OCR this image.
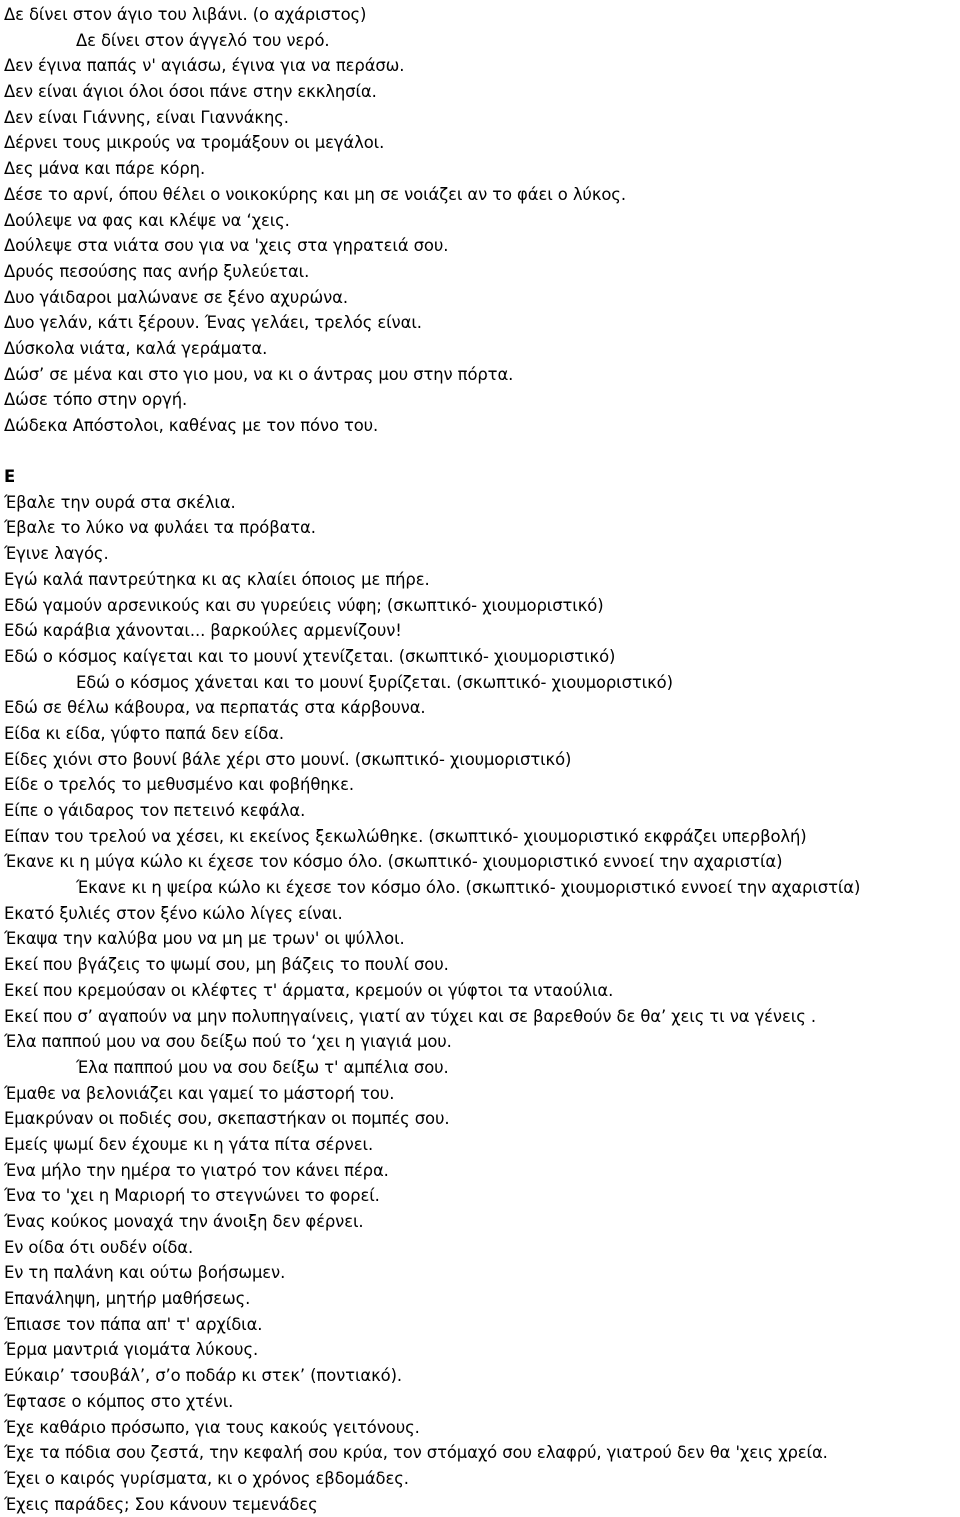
Δε δίνει στον άγιο του λιβάνι. (ο αχάριστος)
Δε δίνει στον άγγελό του νερό.
Δεν έγινα παπάς ν' αγιάσω, έγινα για να περάσω.
Δεν είναι άγιοι όλοι όσοι πάνε στην εκκλησία.
Δεν είναι Γιάννης, είναι Γιαννάκης.
Δέρνει τους μικρούς να τρομάξουν οι μεγάλοι.
Δες μάνα και πάρε κόρη.
Δέσε το αρνί, όπου θέλει ο νοικοκύρης και μη σε νοιάζει αν το φάει ο λύκος.
Δούλεψε να φας και κλέψε να ‘χεις.
Δούλεψε στα νιάτα σου για να 'χεις στα γηρατειά σου.
Δρυός πεσούσης πας ανήρ ξυλεύεται.
Δυο γάιδαροι μαλώνανε σε ξένο αχυρώνα.
Δυο γελάν, κάτι ξέρουν. Ένας γελάει, τρελός είναι.
Δύσκολα νιάτα, καλά γεράματα.
Δώσ’ σε μένα και στο γιο μου, να κι ο άντρας μου στην πόρτα.
Δώσε τόπο στην οργή.
Δώδεκα Απόστολοι, καθένας με τον πόνο του.
Ε
Έβαλε την ουρά στα σκέλια.
Έβαλε το λύκο να φυλάει τα πρόβατα.
Έγινε λαγός.
Εγώ καλά παντρεύτηκα κι ας κλαίει όποιος με πήρε.
Εδώ γαμούν αρσενικούς και συ γυρεύεις νύφη; (σκωπτικό- χιουμοριστικό)
Εδώ καράβια χάνονται... βαρκούλες αρμενίζουν!
Εδώ ο κόσμος καίγεται και το μουνί χτενίζεται. (σκωπτικό- χιουμοριστικό)
Εδώ ο κόσμος χάνεται και το μουνί ξυρίζεται. (σκωπτικό- χιουμοριστικό)
Εδώ σε θέλω κάβουρα, να περπατάς στα κάρβουνα.
Είδα κι είδα, γύφτο παπά δεν είδα.
Είδες χιόνι στο βουνί βάλε χέρι στο μουνί. (σκωπτικό- χιουμοριστικό)
Είδε ο τρελός το μεθυσμένο και φοβήθηκε.
Είπε ο γάιδαρος τον πετεινό κεφάλα.
Είπαν του τρελού να χέσει, κι εκείνος ξεκωλώθηκε. (σκωπτικό- χιουμοριστικό εκφράζει υπερβολή)
Έκανε κι η μύγα κώλο κι έχεσε τον κόσμο όλο. (σκωπτικό- χιουμοριστικό εννοεί την αχαριστία)
Έκανε κι η ψείρα κώλο κι έχεσε τον κόσμο όλο. (σκωπτικό- χιουμοριστικό εννοεί την αχαριστία)
Εκατό ξυλιές στον ξένο κώλο λίγες είναι.
Έκαψα την καλύβα μου να μη με τρων' οι ψύλλοι.
Εκεί που βγάζεις το ψωμί σου, μη βάζεις το πουλί σου.
Εκεί που κρεμούσαν οι κλέφτες τ' άρματα, κρεμούν οι γύφτοι τα νταούλια.
Εκεί που σ’ αγαπούν να μην πολυπηγαίνεις, γιατί αν τύχει και σε βαρεθούν δε θα’ χεις τι να γένεις .
Έλα παππού μου να σου δείξω πού το ‘χει η γιαγιά μου.
Έλα παππού μου να σου δείξω τ' αμπέλια σου.
Έμαθε να βελονιάζει και γαμεί το μάστορή του.
Εμακρύναν οι ποδιές σου, σκεπαστήκαν οι πομπές σου.
Εμείς ψωμί δεν έχουμε κι η γάτα πίτα σέρνει.
Ένα μήλο την ημέρα το γιατρό τον κάνει πέρα.
Ένα το 'χει η Μαριορή το στεγνώνει το φορεί.
Ένας κούκος μοναχά την άνοιξη δεν φέρνει.
Εν οίδα ότι ουδέν οίδα.
Εν τη παλάνη και ούτω βοήσωμεν.
Επανάληψη, μητήρ μαθήσεως.
Έπιασε τον πάπα απ' τ' αρχίδια.
Έρμα μαντριά γιομάτα λύκους.
Εύκαιρ’ τσουβάλ’, σ’ο ποδάρ κι στεκ’ (ποντιακό).
Έφτασε ο κόμπος στο χτένι.
Έχε καθάριο πρόσωπο, για τους κακούς γειτόνους.
Έχε τα πόδια σου ζεστά, την κεφαλή σου κρύα, τον στόμαχό σου ελαφρύ, γιατρού δεν θα 'χεις χρεία.
Έχει ο καιρός γυρίσματα, κι ο χρόνος εβδομάδες.
Έχεις παράδες; Σου κάνουν τεμενάδες
